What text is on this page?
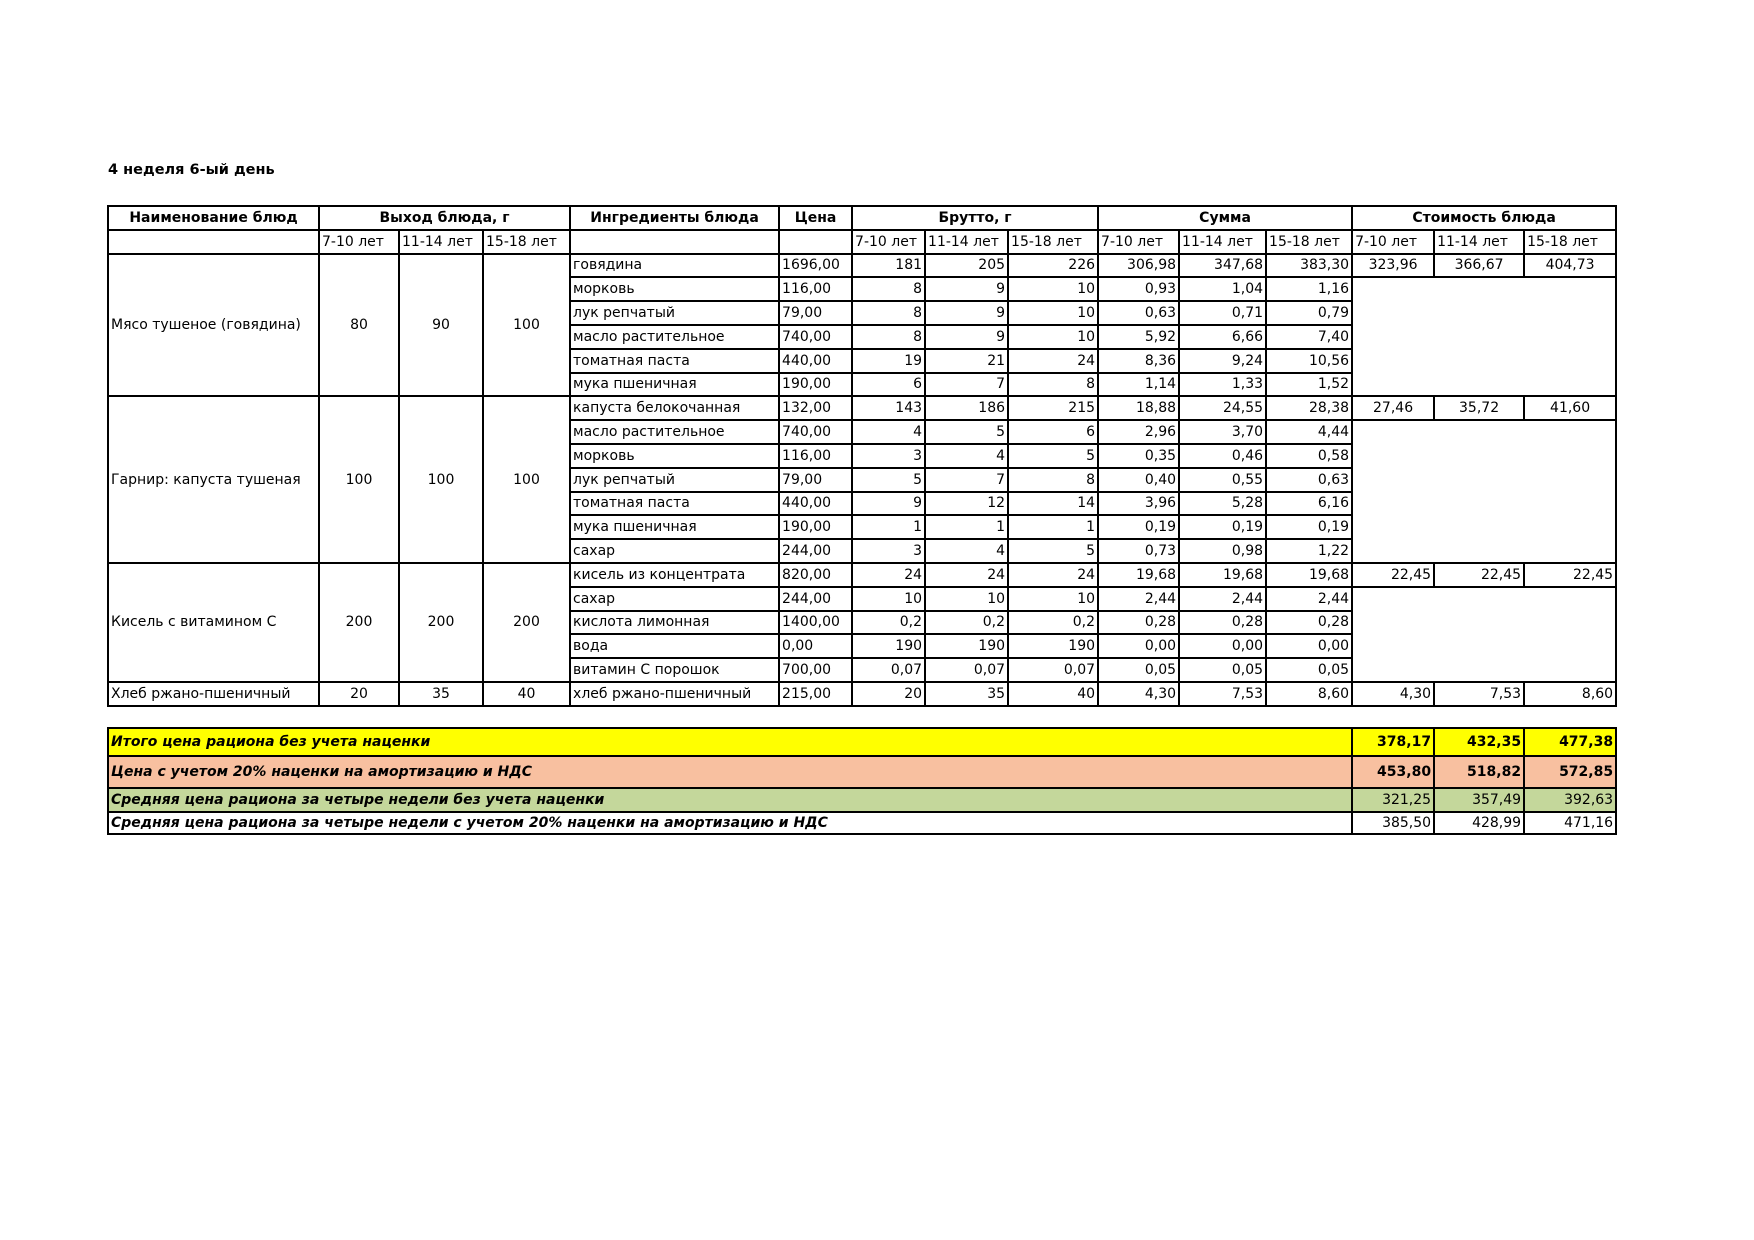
4 неделя 6-ый день
Наименование блюд	Выход блюда, г			Ингредиенты блюда	Цена	Брутто, г			Сумма			Стоимость блюда		
	7-10 лет	11-14 лет	15-18 лет			7-10 лет	11-14 лет	15-18 лет	7-10 лет	11-14 лет	15-18 лет	7-10 лет	11-14 лет	15-18 лет
Мясо тушеное (говядина)	80	90	100	говядина	1696,00	181	205	226	306,98	347,68	383,30	323,96	366,67	404,73
				морковь	116,00	8	9	10	0,93	1,04	1,16			
				лук репчатый	79,00	8	9	10	0,63	0,71	0,79			
				масло растительное	740,00	8	9	10	5,92	6,66	7,40			
				томатная паста	440,00	19	21	24	8,36	9,24	10,56			
				мука пшеничная	190,00	6	7	8	1,14	1,33	1,52			
Гарнир: капуста тушеная	100	100	100	капуста белокочанная	132,00	143	186	215	18,88	24,55	28,38	27,46	35,72	41,60
				масло растительное	740,00	4	5	6	2,96	3,70	4,44			
				морковь	116,00	3	4	5	0,35	0,46	0,58			
				лук репчатый	79,00	5	7	8	0,40	0,55	0,63			
				томатная паста	440,00	9	12	14	3,96	5,28	6,16			
				мука пшеничная	190,00	1	1	1	0,19	0,19	0,19			
				сахар	244,00	3	4	5	0,73	0,98	1,22			
Кисель с витамином С	200	200	200	кисель из концентрата	820,00	24	24	24	19,68	19,68	19,68	22,45	22,45	22,45
				сахар	244,00	10	10	10	2,44	2,44	2,44			
				кислота лимонная	1400,00	0,2	0,2	0,2	0,28	0,28	0,28			
				вода	0,00	190	190	190	0,00	0,00	0,00			
				витамин С порошок	700,00	0,07	0,07	0,07	0,05	0,05	0,05			
Хлеб ржано-пшеничный	20	35	40	хлеб ржано-пшеничный	215,00	20	35	40	4,30	7,53	8,60	4,30	7,53	8,60

Итого цена рациона без учета наценки												378,17	432,35	477,38
Цена с учетом 20% наценки на амортизацию и НДС												453,80	518,82	572,85
Средняя цена рациона за четыре недели без учета наценки												321,25	357,49	392,63
Средняя цена рациона за четыре недели с учетом 20% наценки на амортизацию и НДС												385,50	428,99	471,16
